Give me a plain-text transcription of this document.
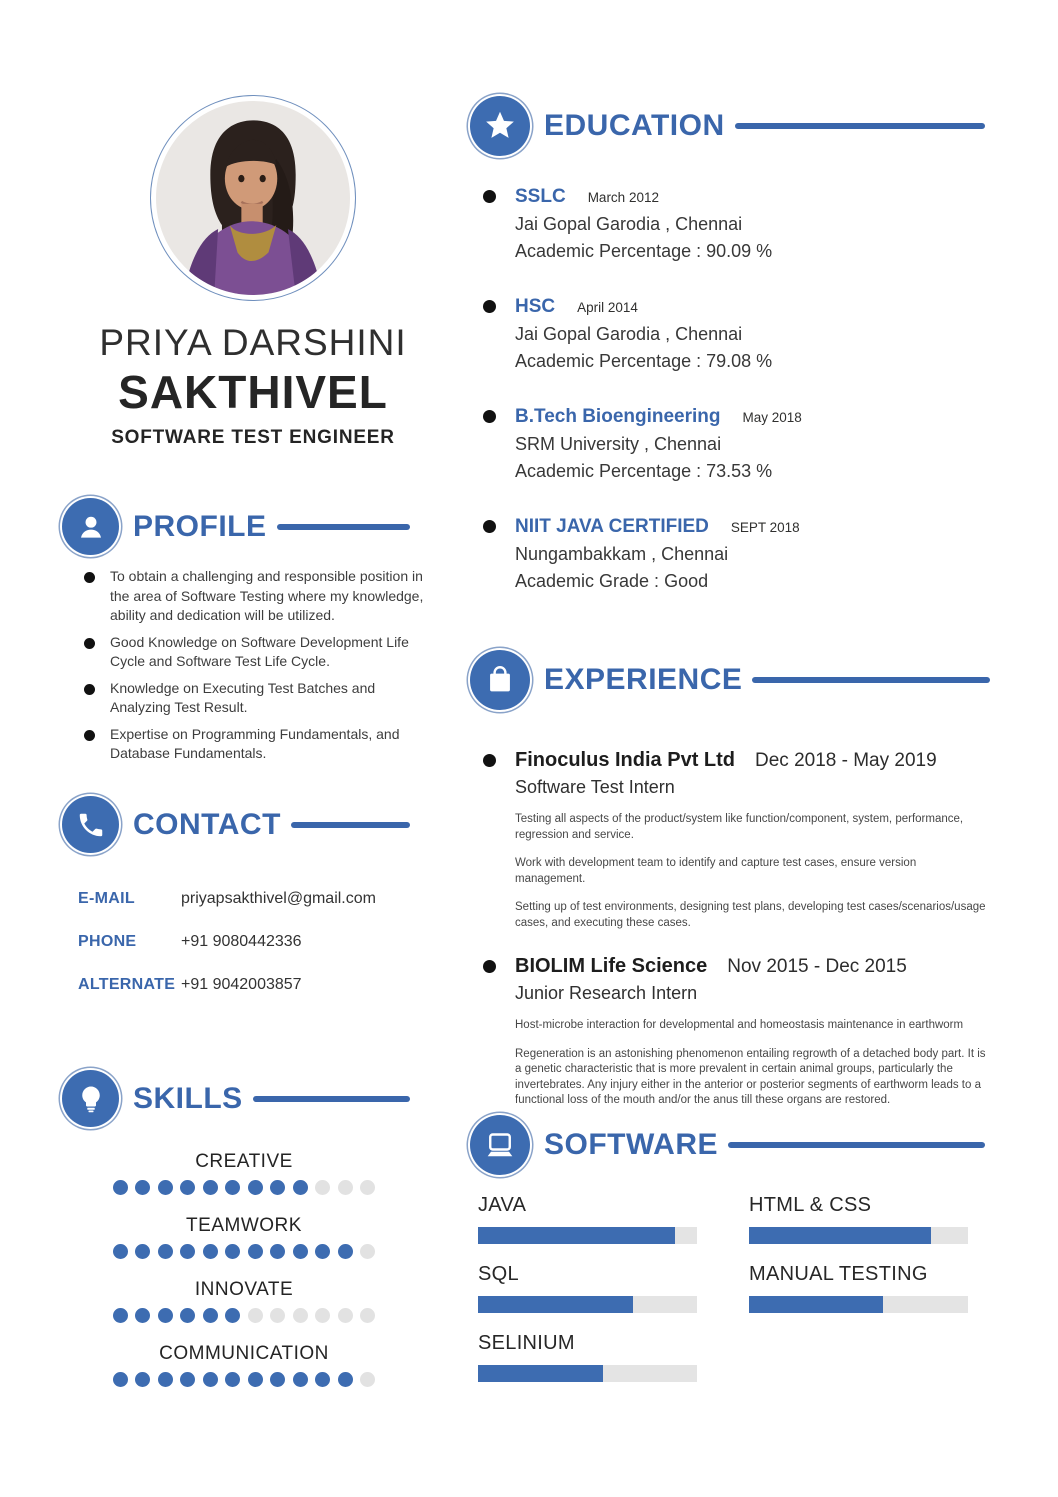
PRIYA DARSHINI
SAKTHIVEL
SOFTWARE TEST ENGINEER
PROFILE
To obtain a challenging and responsible position in the area of Software Testing where my knowledge, ability and dedication will be utilized.
Good Knowledge on Software Development Life Cycle and Software Test Life Cycle.
Knowledge on Executing Test Batches and Analyzing Test Result.
Expertise on Programming Fundamentals, and Database Fundamentals.
CONTACT
E-MAIL	priyapsakthivel@gmail.com
PHONE	+91 9080442336
ALTERNATE +91 9042003857
SKILLS
CREATIVE
TEAMWORK
INNOVATE
COMMUNICATION
EDUCATION
SSLC March 2012
Jai Gopal Garodia , Chennai
Academic Percentage : 90.09 %
HSC April 2014
Jai Gopal Garodia , Chennai
Academic Percentage : 79.08 %
B.Tech Bioengineering May 2018
SRM University , Chennai
Academic Percentage : 73.53 %
NIIT JAVA CERTIFIED SEPT 2018
Nungambakkam , Chennai
Academic Grade : Good
EXPERIENCE
Finoculus India Pvt Ltd Dec 2018 - May 2019
Software Test Intern

Testing all aspects of the product/system like function/component, system, performance, regression and service.

Work with development team to identify and capture test cases, ensure version management.

Setting up of test environments, designing test plans, developing test cases/scenarios/usage cases, and executing these cases.

BIOLIM Life Science Nov 2015 - Dec 2015
Junior Research Intern

Host-microbe interaction for developmental and homeostasis maintenance in earthworm

Regeneration is an astonishing phenomenon entailing regrowth of a detached body part. It is a genetic characteristic that is more prevalent in certain animal groups, particularly the invertebrates. Any injury either in the anterior or posterior segments of earthworm leads to a functional loss of the mouth and/or the anus till these organs are restored.

SOFTWARE
JAVA	HTML & CSS
SQL	MANUAL TESTING
SELINIUM
